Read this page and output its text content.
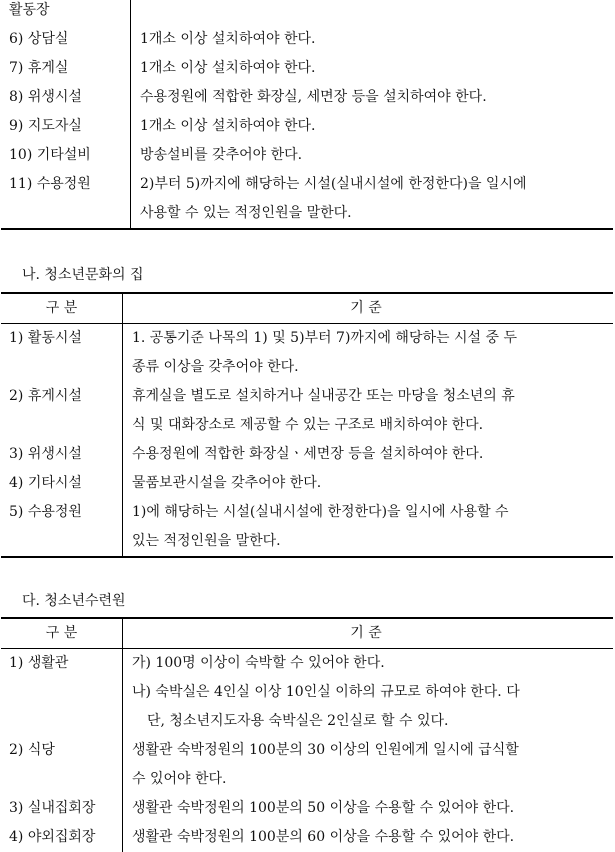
활동장	
6) 상담실	1개소 이상 설치하여야 한다.

7) 휴게실	1개소 이상 설치하여야 한다.

8) 위생시설	수용정원에 적합한 화장실, 세면장 등을 설치하여야 한다.

9) 지도자실	1개소 이상 설치하여야 한다.

10) 기타설비	방송설비를 갖추어야 한다.

11) 수용정원	2)부터 5)까지에 해당하는 시설(실내시설에 한정한다)을 일시에
사용할 수 있는 적정인원을 말한다.
나. 청소년문화의 집
구 분	기 준
1) 활동시설	1. 공통기준 나목의 1) 및 5)부터 7)까지에 해당하는 시설 중 두
종류 이상을 갖추어야 한다.

2) 휴게시설	휴게실을 별도로 설치하거나 실내공간 또는 마당을 청소년의 휴
식 및 대화장소로 제공할 수 있는 구조로 배치하여야 한다.

3) 위생시설	수용정원에 적합한 화장실ㆍ세면장 등을 설치하여야 한다.

4) 기타시설	물품보관시설을 갖추어야 한다.

5) 수용정원	1)에 해당하는 시설(실내시설에 한정한다)을 일시에 사용할 수
있는 적정인원을 말한다.
다. 청소년수련원
구 분	기 준
1) 생활관	가) 100명 이상이 숙박할 수 있어야 한다.
나) 숙박실은 4인실 이상 10인실 이하의 규모로 하여야 한다. 다
단, 청소년지도자용 숙박실은 2인실로 할 수 있다.

2) 식당	생활관 숙박정원의 100분의 30 이상의 인원에게 일시에 급식할
수 있어야 한다.

3) 실내집회장	생활관 숙박정원의 100분의 50 이상을 수용할 수 있어야 한다.

4) 야외집회장	생활관 숙박정원의 100분의 60 이상을 수용할 수 있어야 한다.
